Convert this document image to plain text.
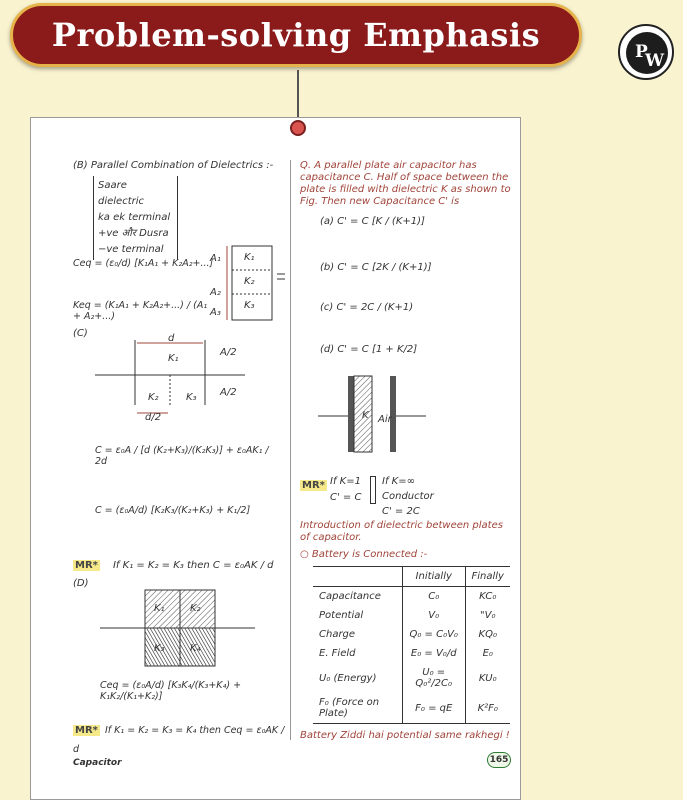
Problem-solving Emphasis	P
W
PW
(B) Parallel Combination of Dielectrics :-
Saare dielectric
ka ek terminal
+ve और Dusra
−ve terminal
Ceq = (ε₀/d) [K₁A₁ + K₂A₂+...]
Keq = (K₁A₁ + K₂A₂+...) / (A₁ + A₂+...)
K₁
K₂
K₃
A₁
A₂
A₃
(C)	d
K₁
K₂	K₃
A/2
A/2
d/2
C = ε₀A / [d (K₂+K₃)/(K₂K₃)] + ε₀AK₁ / 2d
C = (ε₀A/d) [K₂K₃/(K₂+K₃) + K₁/2]
MR* If K₁ = K₂ = K₃ then C = ε₀AK / d
(D)
K₁	K₂
K₃	K₄
Ceq = (ε₀A/d) [K₃K₄/(K₃+K₄) + K₁K₂/(K₁+K₂)]
MR* If K₁ = K₂ = K₃ = K₄ then Ceq = ε₀AK / d
Capacitor
Q. A parallel plate air capacitor has capacitance C. Half of space between the plate is filled with dielectric K as shown to Fig. Then new Capacitance C' is
(a) C' = C [K / (K+1)]
(b) C' = C [2K / (K+1)]
(c) C' = 2C / (K+1)
(d) C' = C [1 + K/2]
K Air
MR* If K=1
C' = C
If K=∞
Conductor
C' = 2C
Introduction of dielectric between plates of capacitor.
○ Battery is Connected :-
	Initially	Finally
Capacitance	C₀	KC₀
Potential	V₀	"V₀
Charge	Q₀ = C₀V₀	KQ₀
E. Field	E₀ = V₀/d	E₀
U₀ (Energy)	U₀ = Q₀²/2C₀	KU₀
F₀ (Force on Plate)	F₀ = qE	K²F₀
Battery Ziddi hai potential same rakhegi !
165
